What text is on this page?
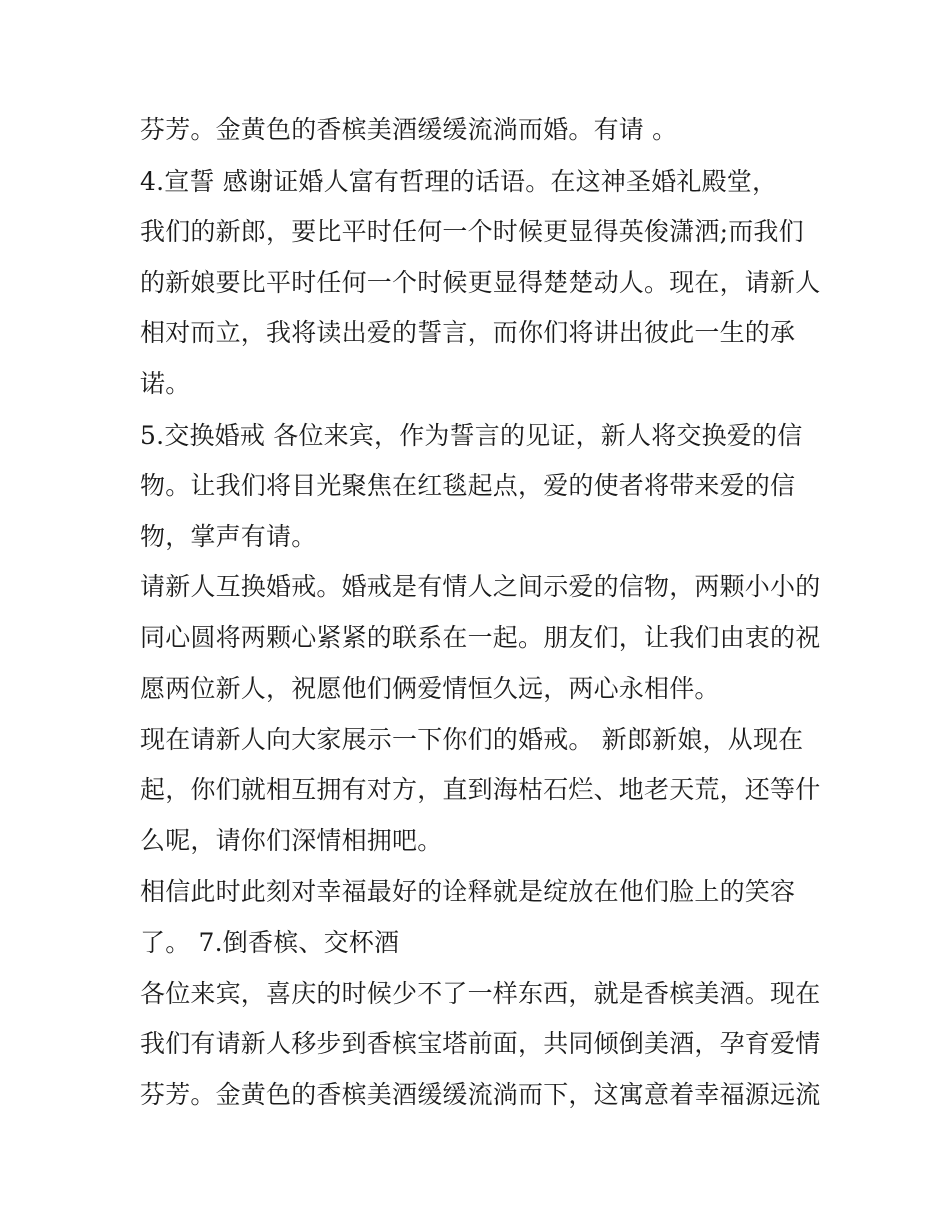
芬芳。金黄色的香槟美酒缓缓流淌而婚。有请 。

4.宣誓 感谢证婚人富有哲理的话语。在这神圣婚礼殿堂，

我们的新郎，要比平时任何一个时候更显得英俊潇洒;而我们

的新娘要比平时任何一个时候更显得楚楚动人。现在，请新人

相对而立，我将读出爱的誓言，而你们将讲出彼此一生的承

诺。

5.交换婚戒 各位来宾，作为誓言的见证，新人将交换爱的信

物。让我们将目光聚焦在红毯起点，爱的使者将带来爱的信

物，掌声有请。

请新人互换婚戒。婚戒是有情人之间示爱的信物，两颗小小的

同心圆将两颗心紧紧的联系在一起。朋友们，让我们由衷的祝

愿两位新人，祝愿他们俩爱情恒久远，两心永相伴。

现在请新人向大家展示一下你们的婚戒。 新郎新娘，从现在

起，你们就相互拥有对方，直到海枯石烂、地老天荒，还等什

么呢，请你们深情相拥吧。

相信此时此刻对幸福最好的诠释就是绽放在他们脸上的笑容

了。 7.倒香槟、交杯酒

各位来宾，喜庆的时候少不了一样东西，就是香槟美酒。现在

我们有请新人移步到香槟宝塔前面，共同倾倒美酒，孕育爱情

芬芳。金黄色的香槟美酒缓缓流淌而下，这寓意着幸福源远流
